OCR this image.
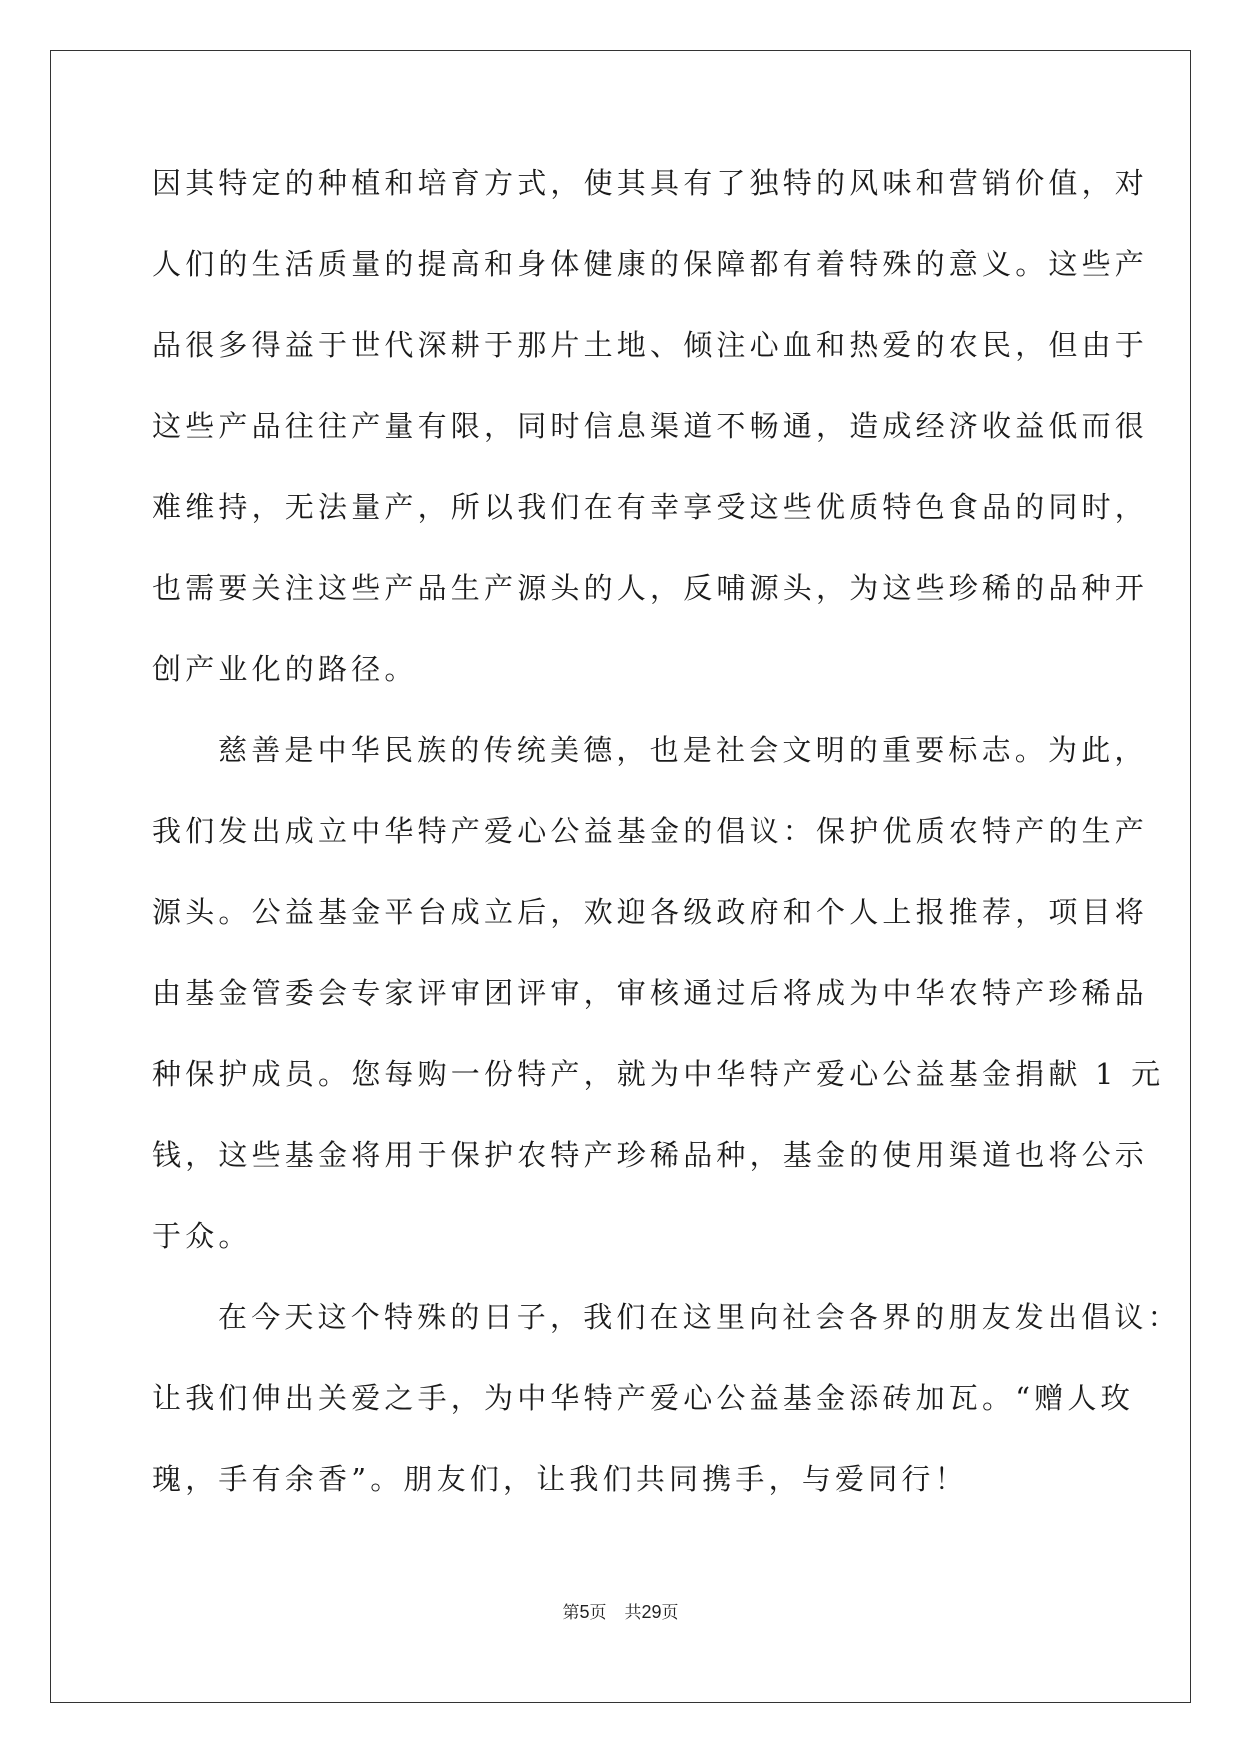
因其特定的种植和培育方式，使其具有了独特的风味和营销价值，对
人们的生活质量的提高和身体健康的保障都有着特殊的意义。这些产
品很多得益于世代深耕于那片土地、倾注心血和热爱的农民，但由于
这些产品往往产量有限，同时信息渠道不畅通，造成经济收益低而很
难维持，无法量产，所以我们在有幸享受这些优质特色食品的同时，
也需要关注这些产品生产源头的人，反哺源头，为这些珍稀的品种开
创产业化的路径。
慈善是中华民族的传统美德，也是社会文明的重要标志。为此，
我们发出成立中华特产爱心公益基金的倡议：保护优质农特产的生产
源头。公益基金平台成立后，欢迎各级政府和个人上报推荐，项目将
由基金管委会专家评审团评审，审核通过后将成为中华农特产珍稀品
种保护成员。您每购一份特产，就为中华特产爱心公益基金捐献 1 元
钱，这些基金将用于保护农特产珍稀品种，基金的使用渠道也将公示
于众。
在今天这个特殊的日子，我们在这里向社会各界的朋友发出倡议：
让我们伸出关爱之手，为中华特产爱心公益基金添砖加瓦。“赠人玫
瑰，手有余香”。朋友们，让我们共同携手，与爱同行！
第5页 共29页
